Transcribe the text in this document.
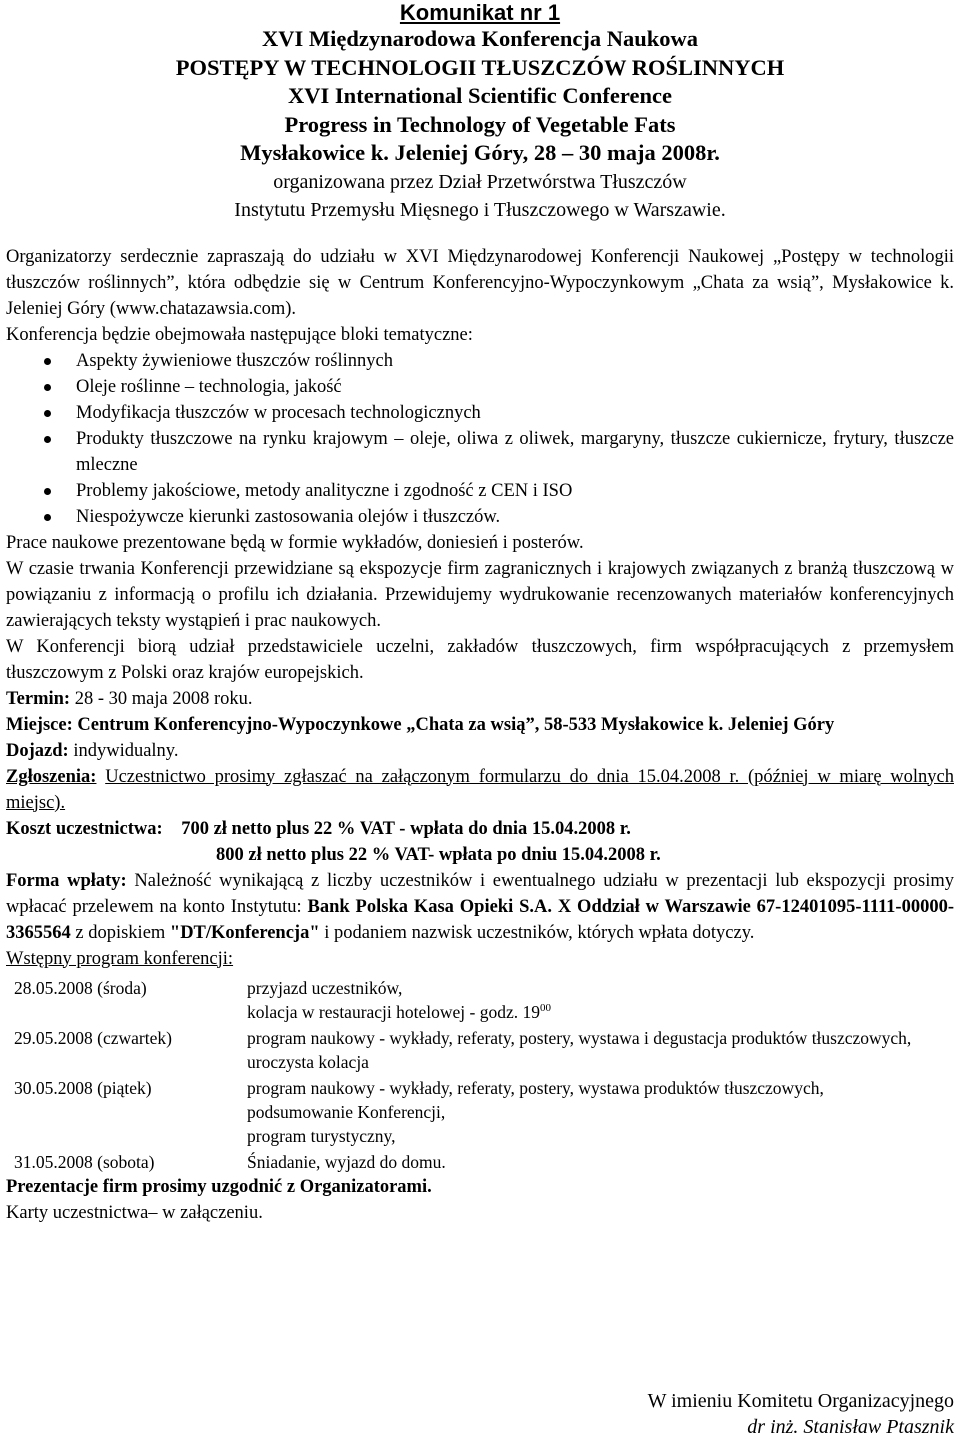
Komunikat nr 1
XVI Międzynarodowa Konferencja Naukowa
POSTĘPY W TECHNOLOGII TŁUSZCZÓW ROŚLINNYCH
XVI International Scientific Conference
Progress in Technology of Vegetable Fats
Mysłakowice k. Jeleniej Góry, 28 – 30 maja 2008r.
organizowana przez Dział Przetwórstwa Tłuszczów
Instytutu Przemysłu Mięsnego i Tłuszczowego w Warszawie.

Organizatorzy serdecznie zapraszają do udziału w XVI Międzynarodowej Konferencji Naukowej „Postępy w technologii tłuszczów roślinnych”, która odbędzie się w Centrum Konferencyjno-Wypoczynkowym „Chata za wsią”, Mysłakowice k. Jeleniej Góry (www.chatazawsia.com).

Konferencja będzie obejmowała następujące bloki tematyczne:

Aspekty żywieniowe tłuszczów roślinnych
Oleje roślinne – technologia, jakość
Modyfikacja tłuszczów w procesach technologicznych
Produkty tłuszczowe na rynku krajowym – oleje, oliwa z oliwek, margaryny, tłuszcze cukiernicze, frytury, tłuszcze mleczne
Problemy jakościowe, metody analityczne i zgodność z CEN i ISO
Niespożywcze kierunki zastosowania olejów i tłuszczów.

Prace naukowe prezentowane będą w formie wykładów, doniesień i posterów.

W czasie trwania Konferencji przewidziane są ekspozycje firm zagranicznych i krajowych związanych z branżą tłuszczową w powiązaniu z informacją o profilu ich działania. Przewidujemy wydrukowanie recenzowanych materiałów konferencyjnych zawierających teksty wystąpień i prac naukowych.

W Konferencji biorą udział przedstawiciele uczelni, zakładów tłuszczowych, firm współpracujących z przemysłem tłuszczowym z Polski oraz krajów europejskich.

Termin: 28 - 30 maja 2008 roku.

Miejsce: Centrum Konferencyjno-Wypoczynkowe „Chata za wsią”, 58-533 Mysłakowice k. Jeleniej Góry

Dojazd: indywidualny.

Zgłoszenia: Uczestnictwo prosimy zgłaszać na załączonym formularzu do dnia 15.04.2008 r. (później w miarę wolnych miejsc).

Koszt uczestnictwa: 700 zł netto plus 22 % VAT - wpłata do dnia 15.04.2008 r.

800 zł netto plus 22 % VAT- wpłata po dniu 15.04.2008 r.

Forma wpłaty: Należność wynikającą z liczby uczestników i ewentualnego udziału w prezentacji lub ekspozycji prosimy wpłacać przelewem na konto Instytutu: Bank Polska Kasa Opieki S.A. X Oddział w Warszawie 67-12401095-1111-00000-3365564 z dopiskiem "DT/Konferencja" i podaniem nazwisk uczestników, których wpłata dotyczy.

Wstępny program konferencji:

28.05.2008 (środa)	przyjazd uczestników,
kolacja w restauracji hotelowej - godz. $19^{00}$

29.05.2008 (czwartek)	program naukowy - wykłady, referaty, postery, wystawa i degustacja produktów tłuszczowych,
uroczysta kolacja

30.05.2008 (piątek)	program naukowy - wykłady, referaty, postery, wystawa produktów tłuszczowych,
podsumowanie Konferencji,
program turystyczny,

31.05.2008 (sobota)	Śniadanie, wyjazd do domu.

Prezentacje firm prosimy uzgodnić z Organizatorami.

Karty uczestnictwa– w załączeniu.

W imieniu Komitetu Organizacyjnego
dr inż. Stanisław Ptasznik
